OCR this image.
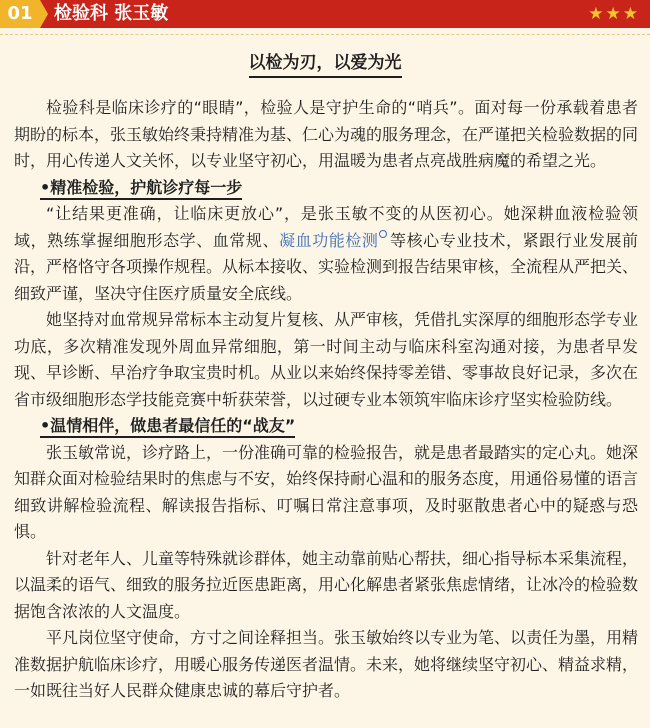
01	检验科 张玉敏	★★★
以检为刃，以爱为光

检验科是临床诊疗的“眼睛”，检验人是守护生命的“哨兵”。面对每一份承载着患者期盼的标本，张玉敏始终秉持精准为基、仁心为魂的服务理念，在严谨把关检验数据的同时，用心传递人文关怀，以专业坚守初心，用温暖为患者点亮战胜病魔的希望之光。

•精准检验，护航诊疗每一步

“让结果更准确，让临床更放心”，是张玉敏不变的从医初心。她深耕血液检验领域，熟练掌握细胞形态学、血常规、凝血功能检测 等核心专业技术，紧跟行业发展前沿，严格恪守各项操作规程。从标本接收、实验检测到报告结果审核，全流程从严把关、细致严谨，坚决守住医疗质量安全底线。

她坚持对血常规异常标本主动复片复核、从严审核，凭借扎实深厚的细胞形态学专业功底，多次精准发现外周血异常细胞，第一时间主动与临床科室沟通对接，为患者早发现、早诊断、早治疗争取宝贵时机。从业以来始终保持零差错、零事故良好记录，多次在省市级细胞形态学技能竞赛中斩获荣誉，以过硬专业本领筑牢临床诊疗坚实检验防线。

•温情相伴，做患者最信任的“战友”

张玉敏常说，诊疗路上，一份准确可靠的检验报告，就是患者最踏实的定心丸。她深知群众面对检验结果时的焦虑与不安，始终保持耐心温和的服务态度，用通俗易懂的语言细致讲解检验流程、解读报告指标、叮嘱日常注意事项，及时驱散患者心中的疑惑与恐惧。

针对老年人、儿童等特殊就诊群体，她主动靠前贴心帮扶，细心指导标本采集流程，以温柔的语气、细致的服务拉近医患距离，用心化解患者紧张焦虑情绪，让冰冷的检验数据饱含浓浓的人文温度。

平凡岗位坚守使命，方寸之间诠释担当。张玉敏始终以专业为笔、以责任为墨，用精准数据护航临床诊疗，用暖心服务传递医者温情。未来，她将继续坚守初心、精益求精，一如既往当好人民群众健康忠诚的幕后守护者。
